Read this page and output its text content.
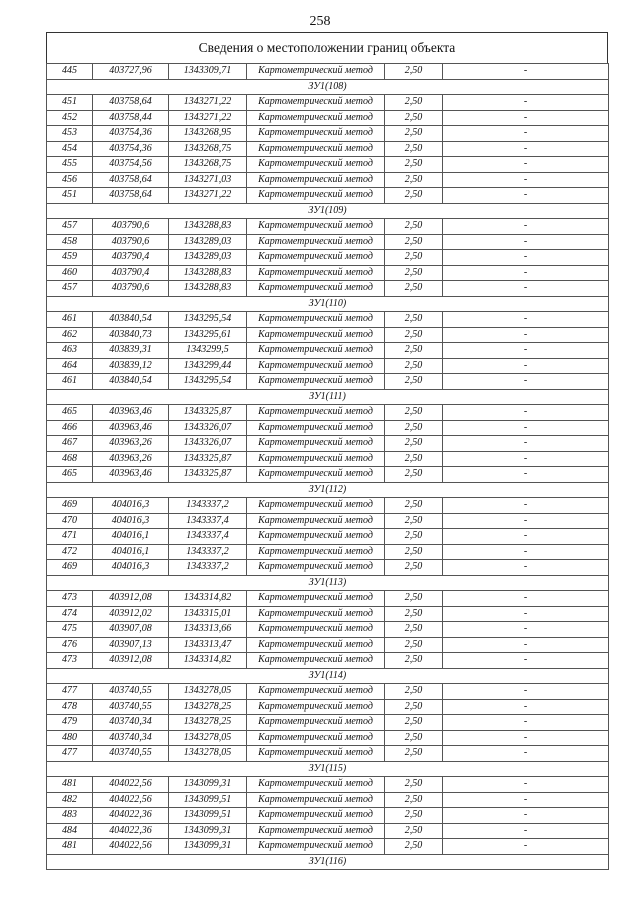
258
Сведения о местоположении границ объекта
445	403727,96	1343309,71	Картометрический метод	2,50	-
ЗУ1(108)					
451	403758,64	1343271,22	Картометрический метод	2,50	-
452	403758,44	1343271,22	Картометрический метод	2,50	-
453	403754,36	1343268,95	Картометрический метод	2,50	-
454	403754,36	1343268,75	Картометрический метод	2,50	-
455	403754,56	1343268,75	Картометрический метод	2,50	-
456	403758,64	1343271,03	Картометрический метод	2,50	-
451	403758,64	1343271,22	Картометрический метод	2,50	-
ЗУ1(109)					
457	403790,6	1343288,83	Картометрический метод	2,50	-
458	403790,6	1343289,03	Картометрический метод	2,50	-
459	403790,4	1343289,03	Картометрический метод	2,50	-
460	403790,4	1343288,83	Картометрический метод	2,50	-
457	403790,6	1343288,83	Картометрический метод	2,50	-
ЗУ1(110)					
461	403840,54	1343295,54	Картометрический метод	2,50	-
462	403840,73	1343295,61	Картометрический метод	2,50	-
463	403839,31	1343299,5	Картометрический метод	2,50	-
464	403839,12	1343299,44	Картометрический метод	2,50	-
461	403840,54	1343295,54	Картометрический метод	2,50	-
ЗУ1(111)					
465	403963,46	1343325,87	Картометрический метод	2,50	-
466	403963,46	1343326,07	Картометрический метод	2,50	-
467	403963,26	1343326,07	Картометрический метод	2,50	-
468	403963,26	1343325,87	Картометрический метод	2,50	-
465	403963,46	1343325,87	Картометрический метод	2,50	-
ЗУ1(112)					
469	404016,3	1343337,2	Картометрический метод	2,50	-
470	404016,3	1343337,4	Картометрический метод	2,50	-
471	404016,1	1343337,4	Картометрический метод	2,50	-
472	404016,1	1343337,2	Картометрический метод	2,50	-
469	404016,3	1343337,2	Картометрический метод	2,50	-
ЗУ1(113)					
473	403912,08	1343314,82	Картометрический метод	2,50	-
474	403912,02	1343315,01	Картометрический метод	2,50	-
475	403907,08	1343313,66	Картометрический метод	2,50	-
476	403907,13	1343313,47	Картометрический метод	2,50	-
473	403912,08	1343314,82	Картометрический метод	2,50	-
ЗУ1(114)					
477	403740,55	1343278,05	Картометрический метод	2,50	-
478	403740,55	1343278,25	Картометрический метод	2,50	-
479	403740,34	1343278,25	Картометрический метод	2,50	-
480	403740,34	1343278,05	Картометрический метод	2,50	-
477	403740,55	1343278,05	Картометрический метод	2,50	-
ЗУ1(115)					
481	404022,56	1343099,31	Картометрический метод	2,50	-
482	404022,56	1343099,51	Картометрический метод	2,50	-
483	404022,36	1343099,51	Картометрический метод	2,50	-
484	404022,36	1343099,31	Картометрический метод	2,50	-
481	404022,56	1343099,31	Картометрический метод	2,50	-
ЗУ1(116)					
